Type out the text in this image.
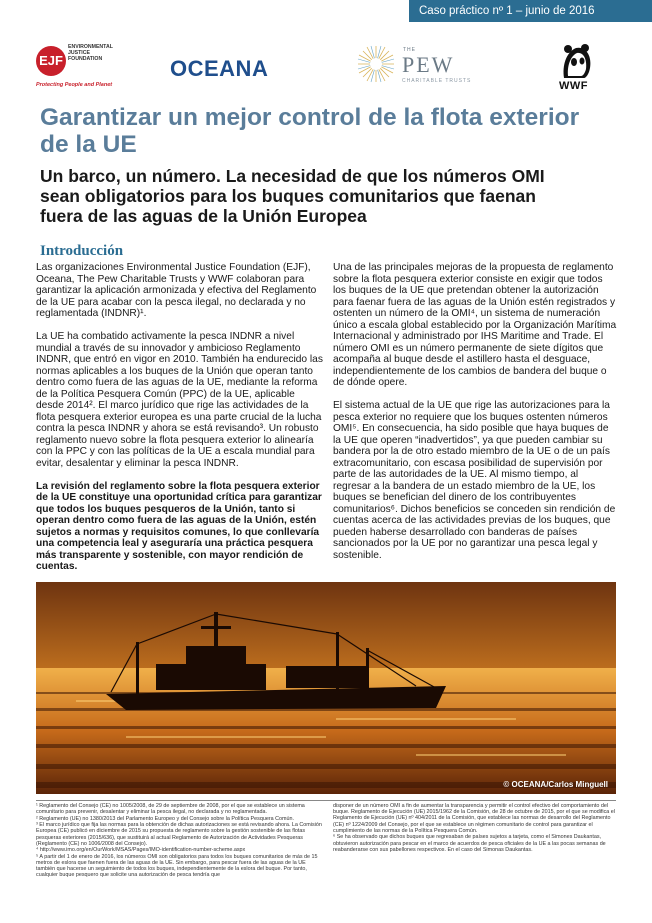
Caso práctico nº 1 – junio de 2016
EJF
ENVIRONMENTAL JUSTICE FOUNDATION
Protecting People and Planet
OCEANA
THE
PEW
CHARITABLE TRUSTS	WWF
Garantizar un mejor control de la flota exterior de la UE
Un barco, un número. La necesidad de que los números OMI sean obligatorios para los buques comunitarios que faenan fuera de las aguas de la Unión Europea
Introducción

Las organizaciones Environmental Justice Foundation (EJF), Oceana, The Pew Charitable Trusts y WWF colaboran para garantizar la aplicación armonizada y efectiva del Reglamento de la UE para acabar con la pesca ilegal, no declarada y no reglamentada (INDNR)¹.

La UE ha combatido activamente la pesca INDNR a nivel mundial a través de su innovador y ambicioso Reglamento INDNR, que entró en vigor en 2010. También ha endurecido las normas aplicables a los buques de la Unión que operan tanto dentro como fuera de las aguas de la UE, mediante la reforma de la Política Pesquera Común (PPC) de la UE, aplicable desde 2014². El marco jurídico que rige las actividades de la flota pesquera exterior europea es una parte crucial de la lucha contra la pesca INDNR y ahora se está revisando³. Un robusto reglamento nuevo sobre la flota pesquera exterior lo alinearía con la PPC y con las políticas de la UE a escala mundial para evitar, desalentar y eliminar la pesca INDNR.

La revisión del reglamento sobre la flota pesquera exterior de la UE constituye una oportunidad crítica para garantizar que todos los buques pesqueros de la Unión, tanto si operan dentro como fuera de las aguas de la Unión, estén sujetos a normas y requisitos comunes, lo que conllevaría una competencia leal y aseguraría una práctica pesquera más transparente y sostenible, con mayor rendición de cuentas.

Una de las principales mejoras de la propuesta de reglamento sobre la flota pesquera exterior consiste en exigir que todos los buques de la UE que pretendan obtener la autorización para faenar fuera de las aguas de la Unión estén registrados y ostenten un número de la OMI⁴, un sistema de numeración único a escala global establecido por la Organización Marítima Internacional y administrado por IHS Maritime and Trade. El número OMI es un número permanente de siete dígitos que acompaña al buque desde el astillero hasta el desguace, independientemente de los cambios de bandera del buque o de dónde opere.

El sistema actual de la UE que rige las autorizaciones para la pesca exterior no requiere que los buques ostenten números OMI⁵. En consecuencia, ha sido posible que haya buques de la UE que operen “inadvertidos”, ya que pueden cambiar su bandera por la de otro estado miembro de la UE o de un país extracomunitario, con escasa posibilidad de supervisión por parte de las autoridades de la UE. Al mismo tiempo, al regresar a la bandera de un estado miembro de la UE, los buques se benefician del dinero de los contribuyentes comunitarios⁶. Dichos beneficios se conceden sin rendición de cuentas acerca de las actividades previas de los buques, que pueden haberse desarrollado con banderas de países sancionados por la UE por no garantizar una pesca legal y sostenible.

© OCEANA/Carlos Minguell
¹ Reglamento del Consejo (CE) no 1005/2008, de 29 de septiembre de 2008, por el que se establece un sistema comunitario para prevenir, desalentar y eliminar la pesca ilegal, no declarada y no reglamentada.
² Reglamento (UE) no 1380/2013 del Parlamento Europeo y del Consejo sobre la Política Pesquera Común.
³ El marco jurídico que fija las normas para la obtención de dichas autorizaciones se está revisando ahora. La Comisión Europea (CE) publicó en diciembre de 2015 su propuesta de reglamento sobre la gestión sostenible de las flotas pesqueras exteriores (2015/636), que sustituirá al actual Reglamento de Autorización de Actividades Pesqueras (Reglamento (CE) no 1006/2008 del Consejo).
⁴ http://www.imo.org/en/OurWork/MSAS/Pages/IMO-identification-number-scheme.aspx
⁵ A partir del 1 de enero de 2016, los números OMI son obligatorios para todos los buques comunitarios de más de 15 metros de eslora que faenen fuera de las aguas de la UE. Sin embargo, para pescar fuera de las aguas de la UE también que hacerse un seguimiento de todos los buques, independientemente de la eslora del buque. Por tanto, cualquier buque pesquero que solicite una autorización de pesca tendría que
disponer de un número OMI a fin de aumentar la transparencia y permitir el control efectivo del comportamiento del buque. Reglamento de Ejecución (UE) 2015/1962 de la Comisión, de 28 de octubre de 2015, por el que se modifica el Reglamento de Ejecución (UE) nº 404/2011 de la Comisión, que establece las normas de desarrollo del Reglamento (CE) nº 1224/2009 del Consejo, por el que se establece un régimen comunitario de control para garantizar el cumplimiento de las normas de la Política Pesquera Común.
⁶ Se ha observado que dichos buques que regresaban de países sujetos a tarjeta, como el Simones Daukantas, obtuvieron autorización para pescar en el marco de acuerdos de pesca oficiales de la UE a las pocas semanas de reabanderarse con sus pabellones respectivos. En el caso del Simonas Daukantas.
